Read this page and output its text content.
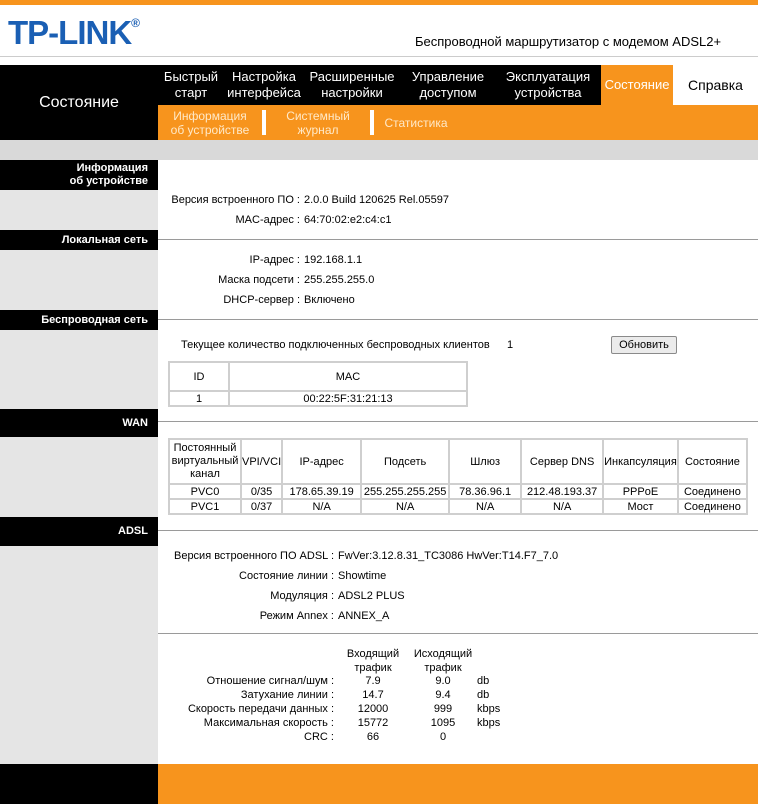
TP-LINK®
Беспроводной маршрутизатор с модемом ADSL2+
Состояние
Быстрый
старт
Настройка
интерфейса
Расширенные
настройки
Управление
доступом
Эксплуатация
устройства
Состояние	Справка
Информация
об устройстве
Системный
журнал	Статистика
Информация
об устройстве
Версия встроенного ПО : 2.0.0 Build 120625 Rel.05597
MAC-адрес : 64:70:02:e2:c4:c1
Локальная сеть
IP-адрес : 192.168.1.1
Маска подсети : 255.255.255.0
DHCP-сервер : Включено
Беспроводная сеть
Текущее количество подключенных беспроводных клиентов 1	Обновить
ID	MAC
1	00:22:5F:31:21:13
WAN
Постоянный
виртуальный
канал	VPI/VCI	IP-адрес	Подсеть	Шлюз	Сервер DNS	Инкапсуляция	Состояние
PVC0	0/35	178.65.39.19	255.255.255.255	78.36.96.1	212.48.193.37	PPPoE	Соединено
PVC1	0/37	N/A	N/A	N/A	N/A	Мост	Соединено
ADSL
Версия встроенного ПО ADSL : FwVer:3.12.8.31_TC3086 HwVer:T14.F7_7.0
Состояние линии : Showtime
Модуляция : ADSL2 PLUS
Режим Annex : ANNEX_A
Входящий
трафик
Исходящий
трафик
Отношение сигнал/шум :	7.9	9.0	db
Затухание линии :	14.7	9.4	db
Скорость передачи данных :	12000	999	kbps
Максимальная скорость :	15772	1095	kbps
CRC :	66	0
